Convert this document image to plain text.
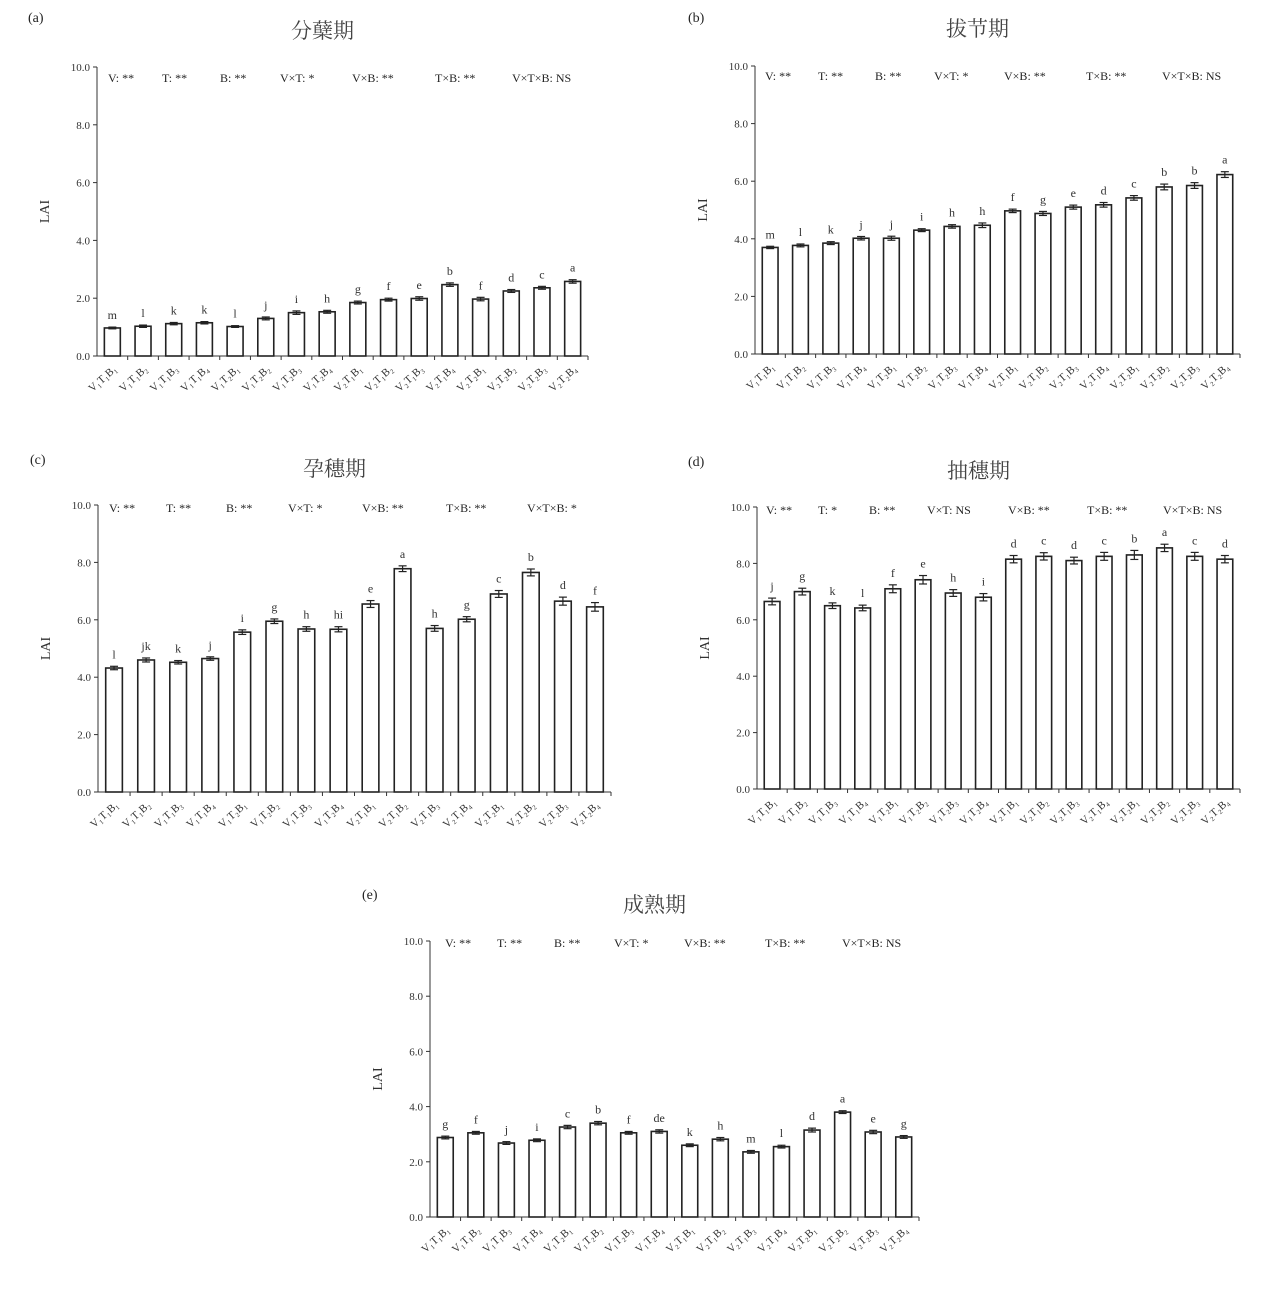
(a)
分蘖期
LAI
0.0
2.0
4.0
6.0
8.0
10.0
V: ** T: **	B: **	V×T: *	V×B: **	T×B: **	V×T×B: NS
m
V₁T₁B₁
l
V₁T₁B₂
k
V₁T₁B₃
k
V₁T₁B₄
l
V₁T₂B₁
j
V₁T₂B₂
i
V₁T₂B₃
h
V₁T₂B₄
g
V₂T₁B₁
f
V₂T₁B₂
e
V₂T₁B₃
b
V₂T₁B₄
f
V₂T₂B₁
d
V₂T₂B₂
c
V₂T₂B₃
a
V₂T₂B₄
(b)	拔节期
LAI
0.0
2.0
4.0
6.0
8.0
10.0
V: ** T: **	B: **	V×T: *	V×B: **	T×B: **	V×T×B: NS
m
V₁T₁B₁
l
V₁T₁B₂
k
V₁T₁B₃
j
V₁T₁B₄
j
V₁T₂B₁
i
V₁T₂B₂
h
V₁T₂B₃
h
V₁T₂B₄
f
V₂T₁B₁
g
V₂T₁B₂
e
V₂T₁B₃
d
V₂T₁B₄
c
V₂T₂B₁
b
V₂T₂B₂
b
V₂T₂B₃
a
V₂T₂B₄
(c)	孕穗期
LAI
0.0
2.0
4.0
6.0
8.0
10.0 V: **	T: **	B: **	V×T: *	V×B: **	T×B: **	V×T×B: *
l
V₁T₁B₁
jk
V₁T₁B₂
k
V₁T₁B₃
j
V₁T₁B₄
i
V₁T₂B₁
g
V₁T₂B₂
h
V₁T₂B₃
hi
V₁T₂B₄
e
V₂T₁B₁
a
V₂T₁B₂
h
V₂T₁B₃
g
V₂T₁B₄
c
V₂T₂B₁
b
V₂T₂B₂
d
V₂T₂B₃
f
V₂T₂B₄
(d)	抽穗期
LAI
0.0
2.0
4.0
6.0
8.0
10.0 V: ** T: *	B: **	V×T: NS	V×B: **	T×B: **	V×T×B: NS
j
V₁T₁B₁
g
V₁T₁B₂
k
V₁T₁B₃
l
V₁T₁B₄
f
V₁T₂B₁
e
V₁T₂B₂
h
V₁T₂B₃
i
V₁T₂B₄
d
V₂T₁B₁
c
V₂T₁B₂
d
V₂T₁B₃
c
V₂T₁B₄
b
V₂T₂B₁
a
V₂T₂B₂
c
V₂T₂B₃
d
V₂T₂B₄
(e)	成熟期
LAI
0.0
2.0
4.0
6.0
8.0
10.0 V: ** T: **	B: **	V×T: *	V×B: **	T×B: **	V×T×B: NS
g
V₁T₁B₁
f
V₁T₁B₂
j
V₁T₁B₃
i
V₁T₁B₄
c
V₁T₂B₁
b
V₁T₂B₂
f
V₁T₂B₃
de
V₁T₂B₄
k
V₂T₁B₁
h
V₂T₁B₂
m
V₂T₁B₃
l
V₂T₁B₄
d
V₂T₂B₁
a
V₂T₂B₂
e
V₂T₂B₃
g
V₂T₂B₄
